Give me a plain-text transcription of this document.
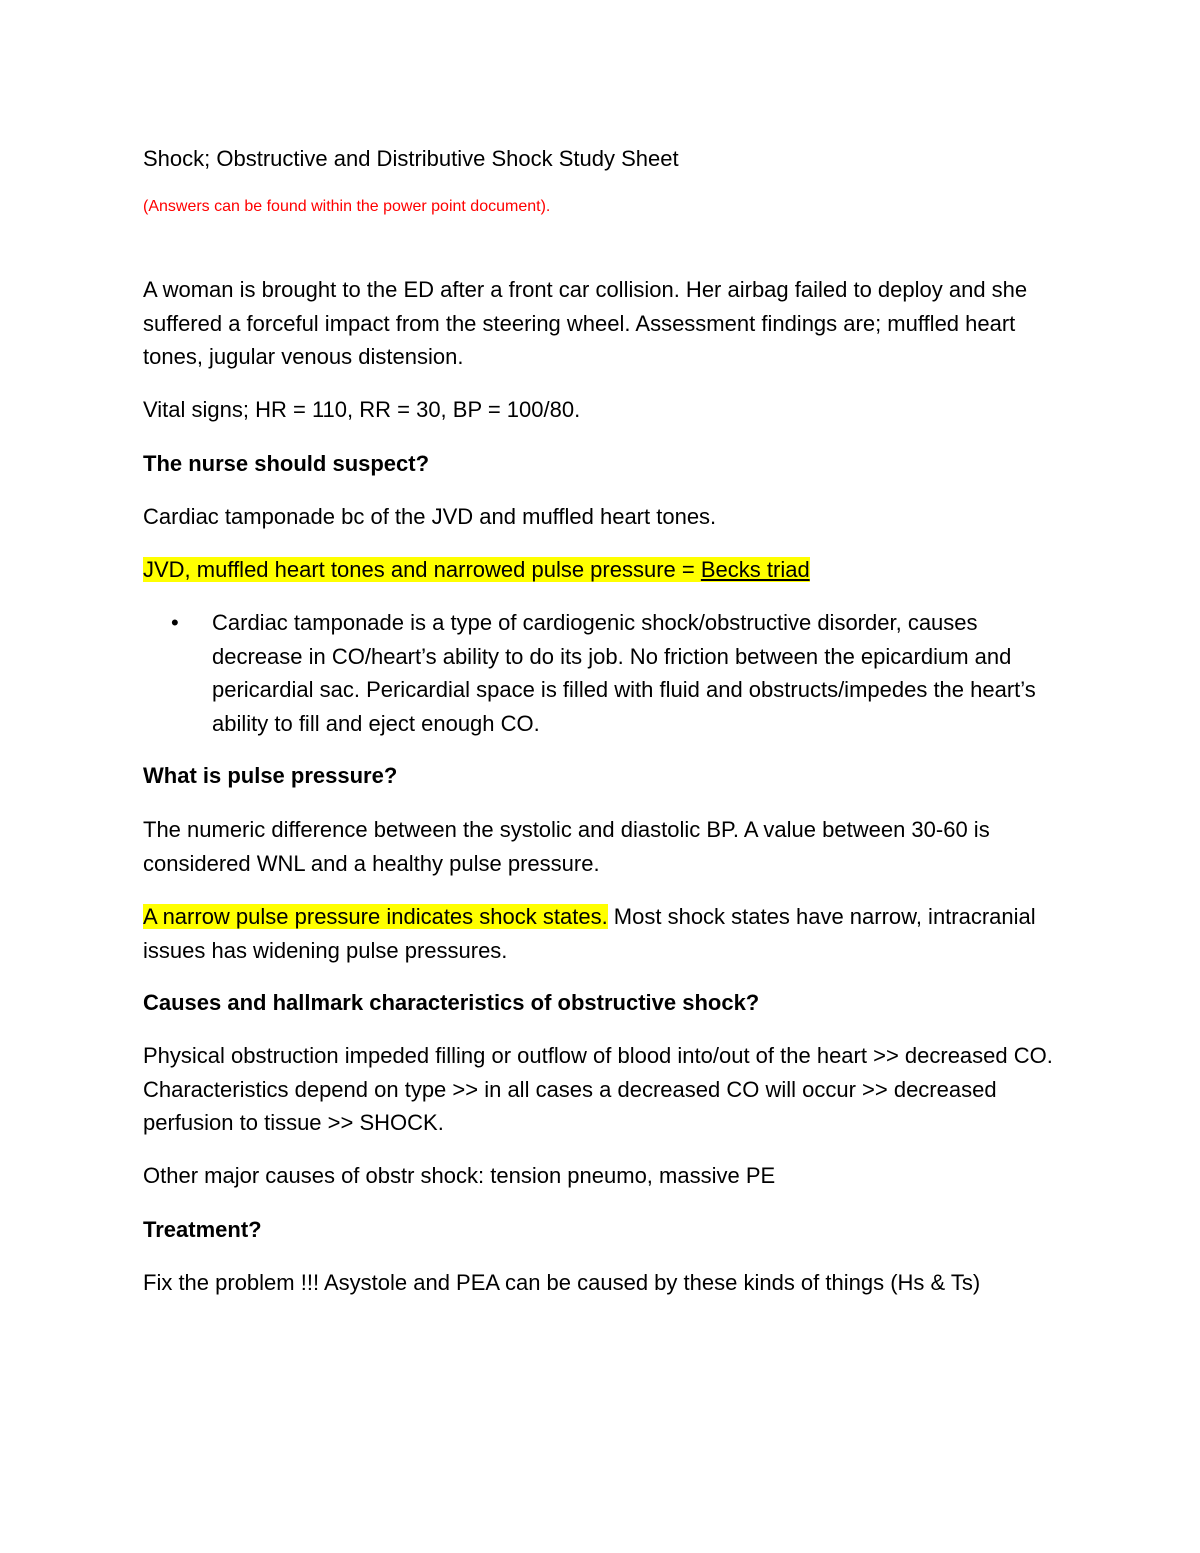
Shock; Obstructive and Distributive Shock Study Sheet

(Answers can be found within the power point document).

A woman is brought to the ED after a front car collision. Her airbag failed to deploy and she suffered a forceful impact from the steering wheel. Assessment findings are; muffled heart tones, jugular venous distension.

Vital signs; HR = 110, RR = 30, BP = 100/80.

The nurse should suspect?

Cardiac tamponade bc of the JVD and muffled heart tones.

JVD, muffled heart tones and narrowed pulse pressure = Becks triad

• Cardiac tamponade is a type of cardiogenic shock/obstructive disorder, causes decrease in CO/heart’s ability to do its job. No friction between the epicardium and pericardial sac. Pericardial space is filled with fluid and obstructs/impedes the heart’s ability to fill and eject enough CO.

What is pulse pressure?

The numeric difference between the systolic and diastolic BP. A value between 30-60 is considered WNL and a healthy pulse pressure.

A narrow pulse pressure indicates shock states. Most shock states have narrow, intracranial issues has widening pulse pressures.

Causes and hallmark characteristics of obstructive shock?

Physical obstruction impeded filling or outflow of blood into/out of the heart >> decreased CO. Characteristics depend on type >> in all cases a decreased CO will occur >> decreased perfusion to tissue >> SHOCK.

Other major causes of obstr shock: tension pneumo, massive PE

Treatment?

Fix the problem !!! Asystole and PEA can be caused by these kinds of things (Hs & Ts)
